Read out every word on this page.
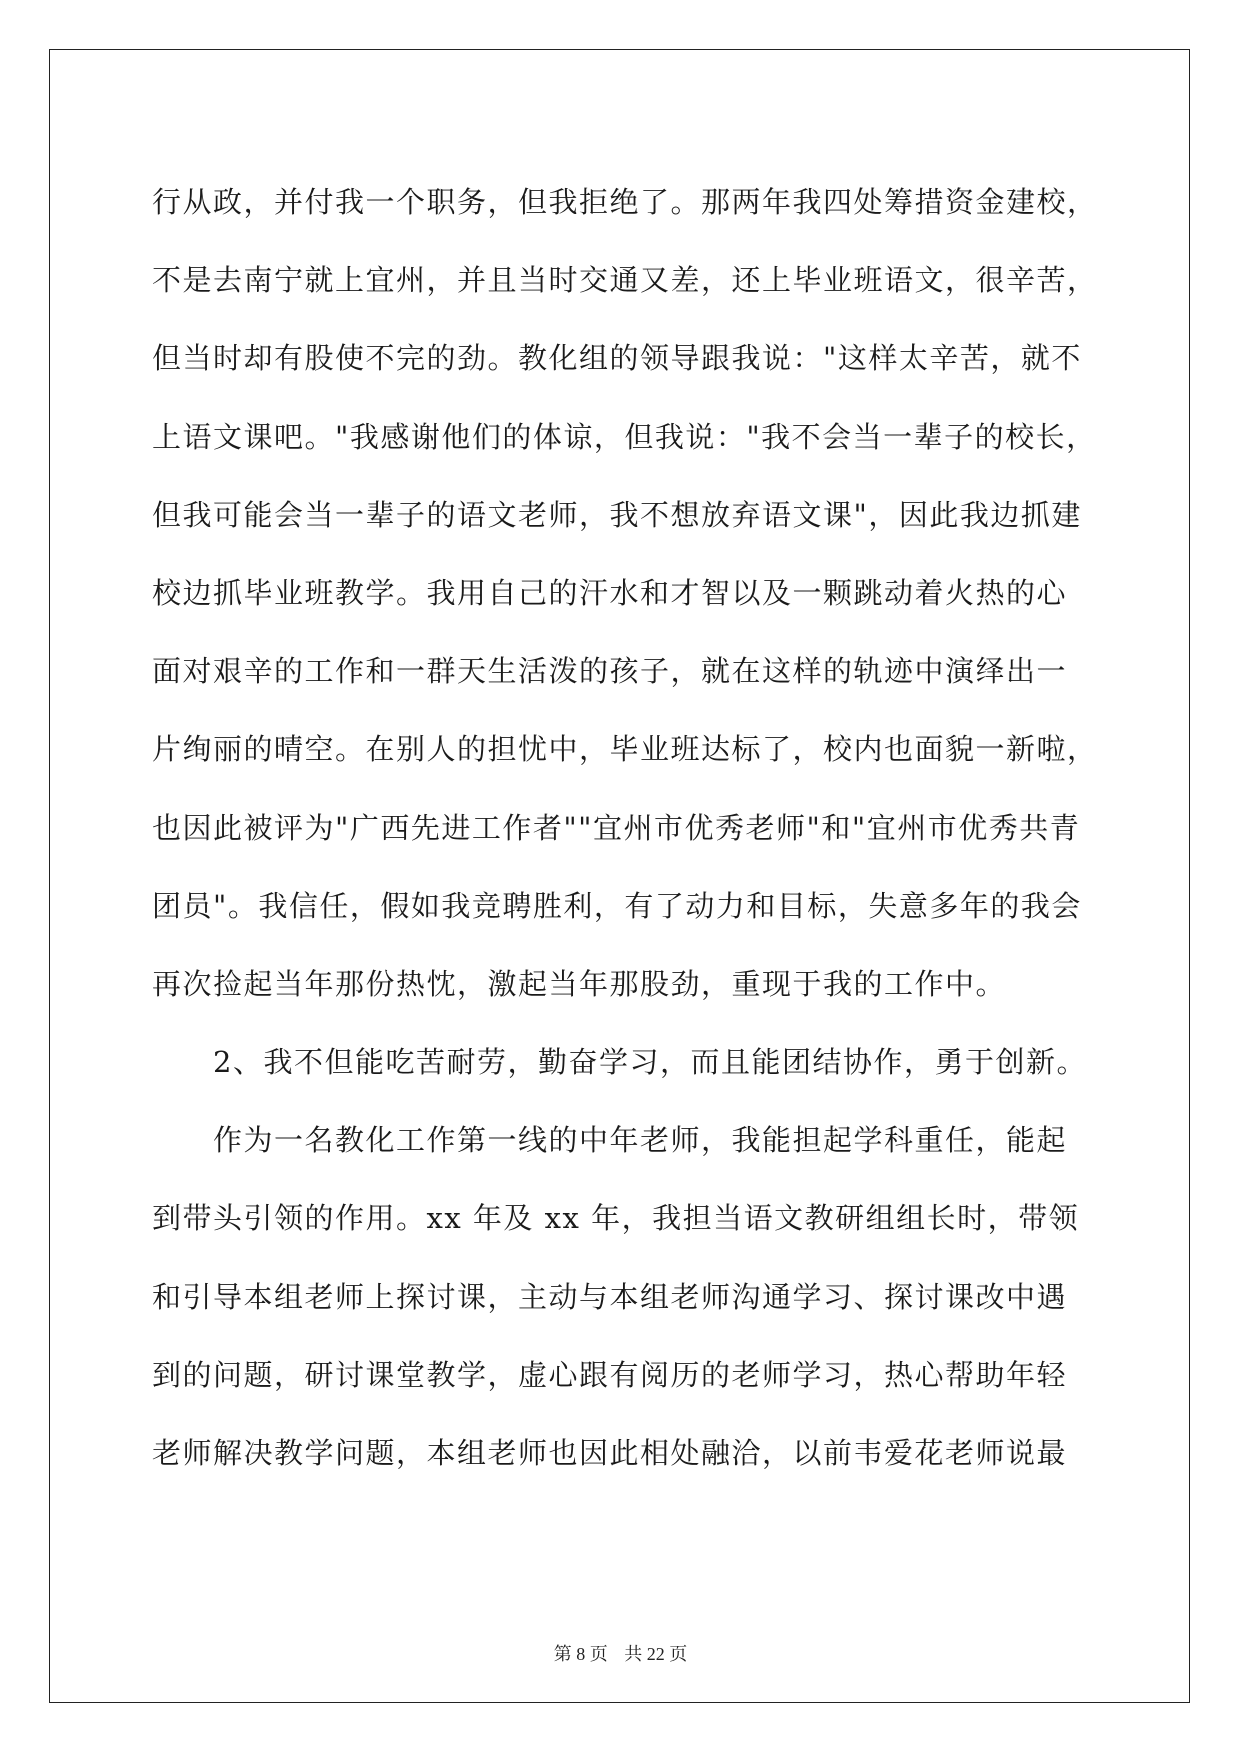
行从政，并付我一个职务，但我拒绝了。那两年我四处筹措资金建校，
不是去南宁就上宜州，并且当时交通又差，还上毕业班语文，很辛苦，
但当时却有股使不完的劲。教化组的领导跟我说："这样太辛苦，就不
上语文课吧。"我感谢他们的体谅，但我说："我不会当一辈子的校长，
但我可能会当一辈子的语文老师，我不想放弃语文课"，因此我边抓建
校边抓毕业班教学。我用自己的汗水和才智以及一颗跳动着火热的心
面对艰辛的工作和一群天生活泼的孩子，就在这样的轨迹中演绎出一
片绚丽的晴空。在别人的担忧中，毕业班达标了，校内也面貌一新啦，
也因此被评为"广西先进工作者""宜州市优秀老师"和"宜州市优秀共青
团员"。我信任，假如我竞聘胜利，有了动力和目标，失意多年的我会
再次捡起当年那份热忱，激起当年那股劲，重现于我的工作中。
　　2、我不但能吃苦耐劳，勤奋学习，而且能团结协作，勇于创新。
　　作为一名教化工作第一线的中年老师，我能担起学科重任，能起
到带头引领的作用。xx 年及 xx 年，我担当语文教研组组长时，带领
和引导本组老师上探讨课，主动与本组老师沟通学习、探讨课改中遇
到的问题，研讨课堂教学，虚心跟有阅历的老师学习，热心帮助年轻
老师解决教学问题，本组老师也因此相处融洽，以前韦爱花老师说最
第 8 页 共 22 页
